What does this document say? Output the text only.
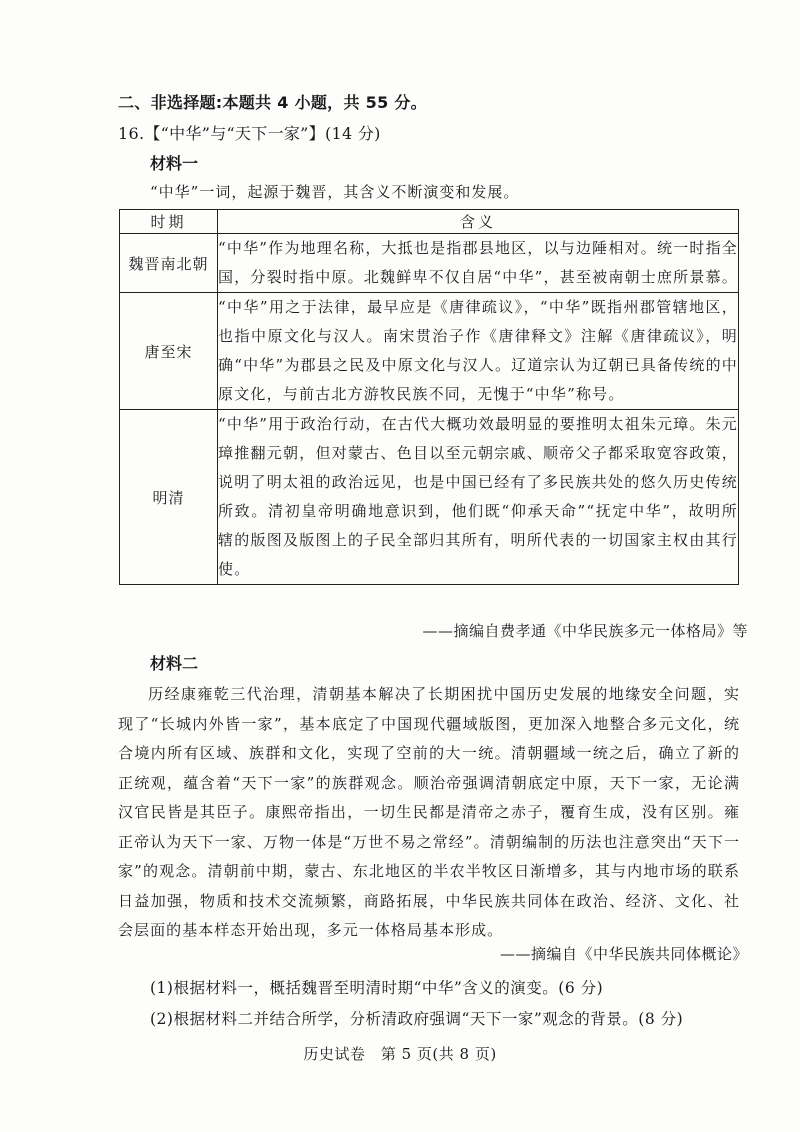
二、非选择题:本题共 4 小题，共 55 分。
16.【“中华”与“天下一家”】(14 分)
材料一
“中华”一词，起源于魏晋，其含义不断演变和发展。
时期	含义
魏晋南北朝	“中华”作为地理名称，大抵也是指郡县地区，以与边陲相对。统一时指全国，分裂时指中原。北魏鲜卑不仅自居“中华”，甚至被南朝士庶所景慕。
唐至宋	“中华”用之于法律，最早应是《唐律疏议》，“中华”既指州郡管辖地区，也指中原文化与汉人。南宋贯治子作《唐律释文》注解《唐律疏议》，明确“中华”为郡县之民及中原文化与汉人。辽道宗认为辽朝已具备传统的中原文化，与前古北方游牧民族不同，无愧于“中华”称号。
明清	“中华”用于政治行动，在古代大概功效最明显的要推明太祖朱元璋。朱元璋推翻元朝，但对蒙古、色目以至元朝宗戚、顺帝父子都采取宽容政策，说明了明太祖的政治远见，也是中国已经有了多民族共处的悠久历史传统所致。清初皇帝明确地意识到，他们既“仰承天命”“抚定中华”，故明所辖的版图及版图上的子民全部归其所有，明所代表的一切国家主权由其行使。
——摘编自费孝通《中华民族多元一体格局》等
材料二
历经康雍乾三代治理，清朝基本解决了长期困扰中国历史发展的地缘安全问题，实现了“长城内外皆一家”，基本底定了中国现代疆域版图，更加深入地整合多元文化，统合境内所有区域、族群和文化，实现了空前的大一统。清朝疆域一统之后，确立了新的正统观，蕴含着“天下一家”的族群观念。顺治帝强调清朝底定中原，天下一家，无论满汉官民皆是其臣子。康熙帝指出，一切生民都是清帝之赤子，覆育生成，没有区别。雍正帝认为天下一家、万物一体是“万世不易之常经”。清朝编制的历法也注意突出“天下一家”的观念。清朝前中期，蒙古、东北地区的半农半牧区日渐增多，其与内地市场的联系日益加强，物质和技术交流频繁，商路拓展，中华民族共同体在政治、经济、文化、社会层面的基本样态开始出现，多元一体格局基本形成。
——摘编自《中华民族共同体概论》
(1)根据材料一，概括魏晋至明清时期“中华”含义的演变。(6 分)
(2)根据材料二并结合所学，分析清政府强调“天下一家”观念的背景。(8 分)
历史试卷　第 5 页(共 8 页)
